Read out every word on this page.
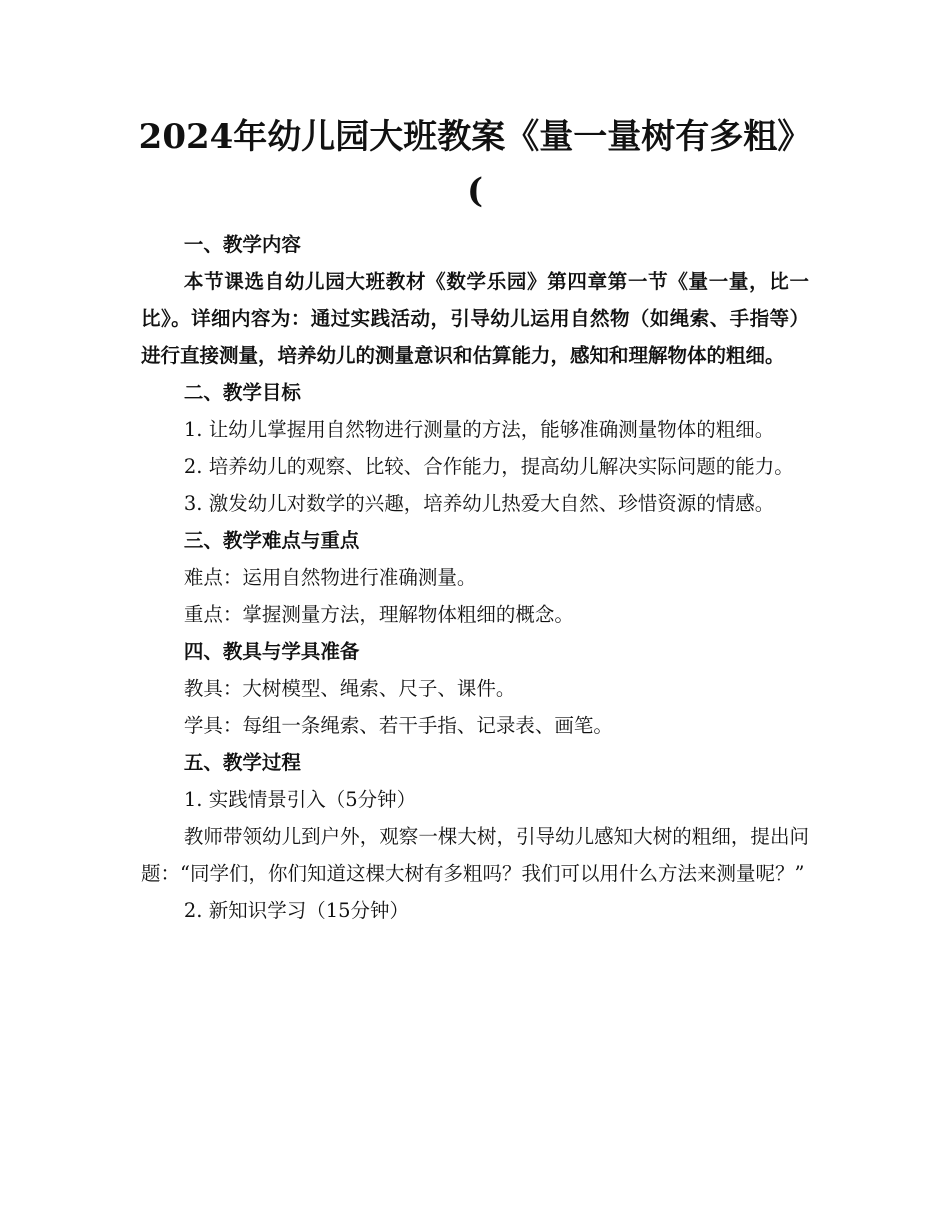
2024年幼儿园大班教案《量一量树有多粗》
(

一、教学内容

本节课选自幼儿园大班教材《数学乐园》第四章第一节《量一量，比一比》。详细内容为：通过实践活动，引导幼儿运用自然物（如绳索、手指等）进行直接测量，培养幼儿的测量意识和估算能力，感知和理解物体的粗细。

二、教学目标

1. 让幼儿掌握用自然物进行测量的方法，能够准确测量物体的粗细。

2. 培养幼儿的观察、比较、合作能力，提高幼儿解决实际问题的能力。

3. 激发幼儿对数学的兴趣，培养幼儿热爱大自然、珍惜资源的情感。

三、教学难点与重点

难点：运用自然物进行准确测量。

重点：掌握测量方法，理解物体粗细的概念。

四、教具与学具准备

教具：大树模型、绳索、尺子、课件。

学具：每组一条绳索、若干手指、记录表、画笔。

五、教学过程

1. 实践情景引入（5分钟）

教师带领幼儿到户外，观察一棵大树，引导幼儿感知大树的粗细，提出问题：“同学们，你们知道这棵大树有多粗吗？我们可以用什么方法来测量呢？”

2. 新知识学习（15分钟）
